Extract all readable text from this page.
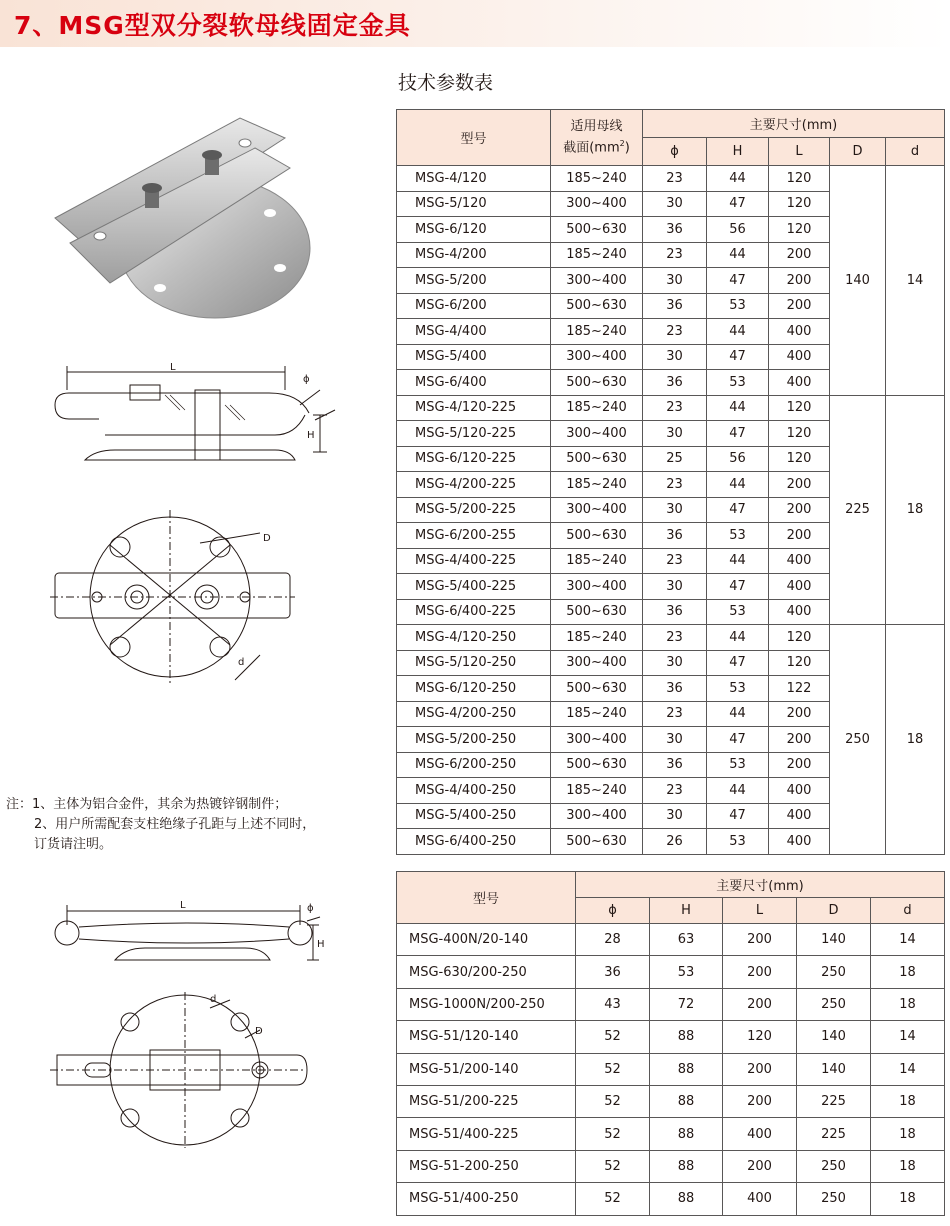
7、MSG型双分裂软母线固定金具
技术参数表
L
ϕ
H
D
d
注：1、主体为铝合金件，其余为热镀锌钢制件；
2、用户所需配套支柱绝缘子孔距与上述不同时，
订货请注明。
L	ϕ
H
d
D
型号	适用母线
截面$(mm^2)$	主要尺寸(mm)				
		ϕ	H	L	D	d
MSG-4/120	185~240	23	44	120	140	14
MSG-5/120	300~400	30	47	120		
MSG-6/120	500~630	36	56	120		
MSG-4/200	185~240	23	44	200		
MSG-5/200	300~400	30	47	200		
MSG-6/200	500~630	36	53	200		
MSG-4/400	185~240	23	44	400		
MSG-5/400	300~400	30	47	400		
MSG-6/400	500~630	36	53	400		
MSG-4/120-225	185~240	23	44	120	225	18
MSG-5/120-225	300~400	30	47	120		
MSG-6/120-225	500~630	25	56	120		
MSG-4/200-225	185~240	23	44	200		
MSG-5/200-225	300~400	30	47	200		
MSG-6/200-255	500~630	36	53	200		
MSG-4/400-225	185~240	23	44	400		
MSG-5/400-225	300~400	30	47	400		
MSG-6/400-225	500~630	36	53	400		
MSG-4/120-250	185~240	23	44	120	250	18
MSG-5/120-250	300~400	30	47	120		
MSG-6/120-250	500~630	36	53	122		
MSG-4/200-250	185~240	23	44	200		
MSG-5/200-250	300~400	30	47	200		
MSG-6/200-250	500~630	36	53	200		
MSG-4/400-250	185~240	23	44	400		
MSG-5/400-250	300~400	30	47	400		
MSG-6/400-250	500~630	26	53	400		
型号	主要尺寸(mm)				
	ϕ	H	L	D	d
MSG-400N/20-140	28	63	200	140	14
MSG-630/200-250	36	53	200	250	18
MSG-1000N/200-250	43	72	200	250	18
MSG-51/120-140	52	88	120	140	14
MSG-51/200-140	52	88	200	140	14
MSG-51/200-225	52	88	200	225	18
MSG-51/400-225	52	88	400	225	18
MSG-51-200-250	52	88	200	250	18
MSG-51/400-250	52	88	400	250	18
